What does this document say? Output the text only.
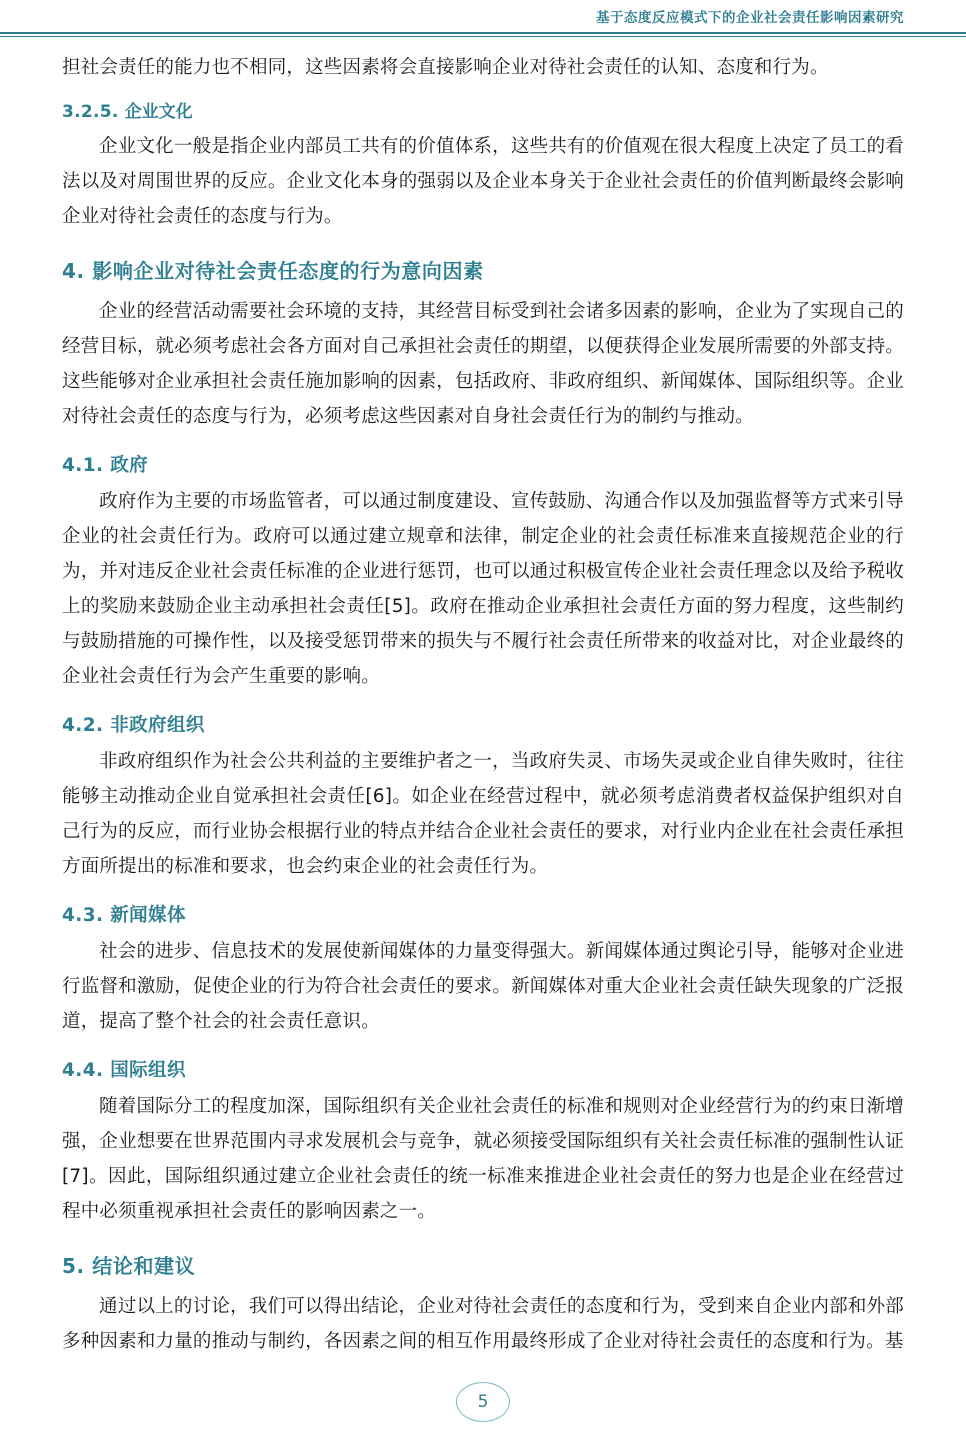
基于态度反应模式下的企业社会责任影响因素研究

担社会责任的能力也不相同，这些因素将会直接影响企业对待社会责任的认知、态度和行为。

3.2.5. 企业文化

企业文化一般是指企业内部员工共有的价值体系，这些共有的价值观在很大程度上决定了员工的看法以及对周围世界的反应。企业文化本身的强弱以及企业本身关于企业社会责任的价值判断最终会影响企业对待社会责任的态度与行为。

4. 影响企业对待社会责任态度的行为意向因素

企业的经营活动需要社会环境的支持，其经营目标受到社会诸多因素的影响，企业为了实现自己的经营目标，就必须考虑社会各方面对自己承担社会责任的期望，以便获得企业发展所需要的外部支持。这些能够对企业承担社会责任施加影响的因素，包括政府、非政府组织、新闻媒体、国际组织等。企业对待社会责任的态度与行为，必须考虑这些因素对自身社会责任行为的制约与推动。

4.1. 政府

政府作为主要的市场监管者，可以通过制度建设、宣传鼓励、沟通合作以及加强监督等方式来引导企业的社会责任行为。政府可以通过建立规章和法律，制定企业的社会责任标准来直接规范企业的行为，并对违反企业社会责任标准的企业进行惩罚，也可以通过积极宣传企业社会责任理念以及给予税收上的奖励来鼓励企业主动承担社会责任[5]。政府在推动企业承担社会责任方面的努力程度，这些制约与鼓励措施的可操作性，以及接受惩罚带来的损失与不履行社会责任所带来的收益对比，对企业最终的企业社会责任行为会产生重要的影响。

4.2. 非政府组织

非政府组织作为社会公共利益的主要维护者之一，当政府失灵、市场失灵或企业自律失败时，往往能够主动推动企业自觉承担社会责任[6]。如企业在经营过程中，就必须考虑消费者权益保护组织对自己行为的反应，而行业协会根据行业的特点并结合企业社会责任的要求，对行业内企业在社会责任承担方面所提出的标准和要求，也会约束企业的社会责任行为。

4.3. 新闻媒体

社会的进步、信息技术的发展使新闻媒体的力量变得强大。新闻媒体通过舆论引导，能够对企业进行监督和激励，促使企业的行为符合社会责任的要求。新闻媒体对重大企业社会责任缺失现象的广泛报道，提高了整个社会的社会责任意识。

4.4. 国际组织

随着国际分工的程度加深，国际组织有关企业社会责任的标准和规则对企业经营行为的约束日渐增强，企业想要在世界范围内寻求发展机会与竞争，就必须接受国际组织有关社会责任标准的强制性认证[7]。因此，国际组织通过建立企业社会责任的统一标准来推进企业社会责任的努力也是企业在经营过程中必须重视承担社会责任的影响因素之一。

5. 结论和建议

通过以上的讨论，我们可以得出结论，企业对待社会责任的态度和行为，受到来自企业内部和外部多种因素和力量的推动与制约，各因素之间的相互作用最终形成了企业对待社会责任的态度和行为。基

5
